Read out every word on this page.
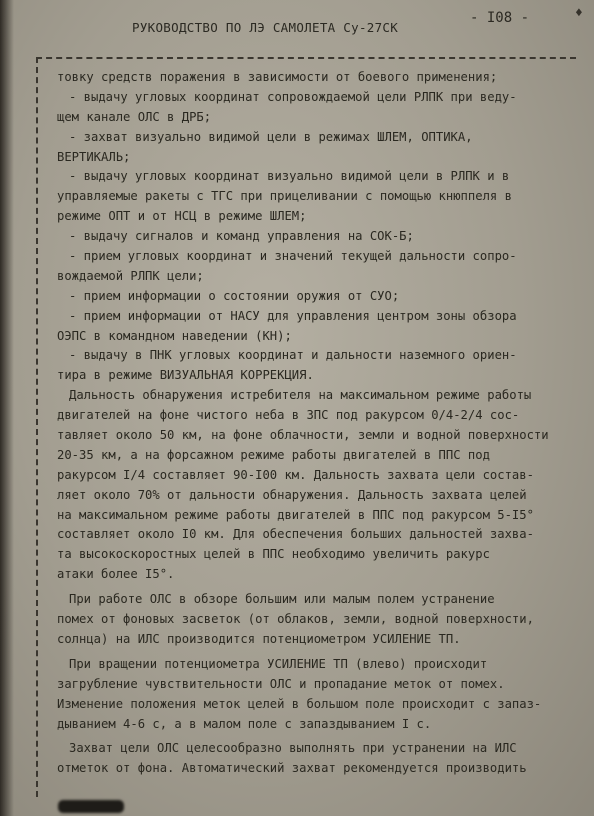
РУКОВОДСТВО ПО ЛЭ САМОЛЕТА Су-27СК
- I08 -	♦
товку средств поражения в зависимости от боевого применения;
- выдачу угловых координат сопровождаемой цели РЛПК при веду-
щем канале ОЛС в ДРБ;
- захват визуально видимой цели в режимах ШЛЕМ, ОПТИКА,
ВЕРТИКАЛЬ;
- выдачу угловых координат визуально видимой цели в РЛПК и в
управляемые ракеты с ТГС при прицеливании с помощью кнюппеля в
режиме ОПТ и от НСЦ в режиме ШЛЕМ;
- выдачу сигналов и команд управления на СОК-Б;
- прием угловых координат и значений текущей дальности сопро-
вождаемой РЛПК цели;
- прием информации о состоянии оружия от СУО;
- прием информации от НАСУ для управления центром зоны обзора
ОЭПС в командном наведении (КН);
- выдачу в ПНК угловых координат и дальности наземного ориен-
тира в режиме ВИЗУАЛЬНАЯ КОРРЕКЦИЯ.
Дальность обнаружения истребителя на максимальном режиме работы
двигателей на фоне чистого неба в ЗПС под ракурсом 0/4-2/4 сос-
тавляет около 50 км, на фоне облачности, земли и водной поверхности
20-35 км, а на форсажном режиме работы двигателей в ППС под
ракурсом I/4 составляет 90-I00 км. Дальность захвата цели состав-
ляет около 70% от дальности обнаружения. Дальность захвата целей
на максимальном режиме работы двигателей в ППС под ракурсом 5-I5°
составляет около I0 км. Для обеспечения больших дальностей захва-
та высокоскоростных целей в ППС необходимо увеличить ракурс
атаки более I5°.
При работе ОЛС в обзоре большим или малым полем устранение
помех от фоновых засветок (от облаков, земли, водной поверхности,
солнца) на ИЛС производится потенциометром УСИЛЕНИЕ ТП.
При вращении потенциометра УСИЛЕНИЕ ТП (влево) происходит
загрубление чувствительности ОЛС и пропадание меток от помех.
Изменение положения меток целей в большом поле происходит с запаз-
дыванием 4-6 с, а в малом поле с запаздыванием I с.
Захват цели ОЛС целесообразно выполнять при устранении на ИЛС
отметок от фона. Автоматический захват рекомендуется производить
